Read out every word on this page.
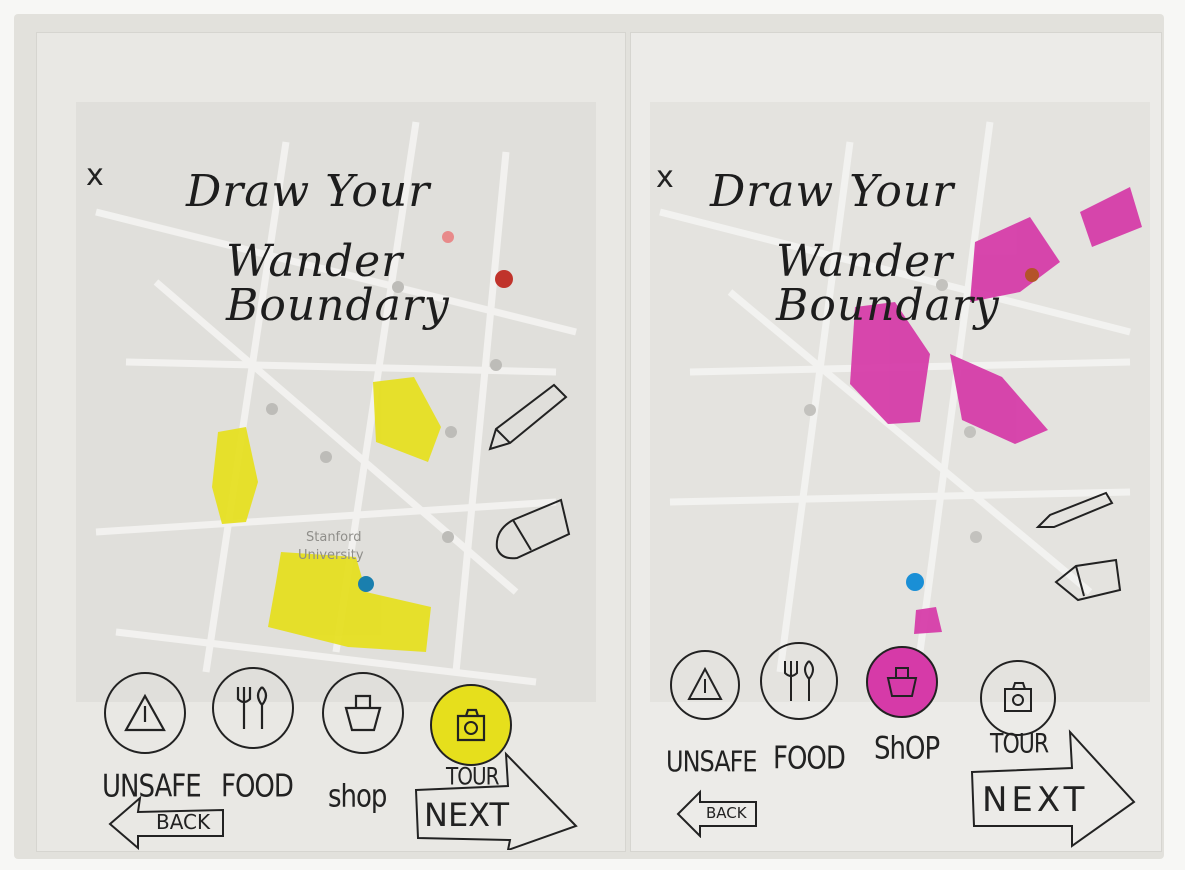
x Draw Your
Wander Boundary
Stanford
University
UNSAFE FOOD shop
TOUR
BACK	NEXT
x Draw Your
Wander Boundary
UNSAFE FOOD ShOP TOUR
BACK	NEXT
